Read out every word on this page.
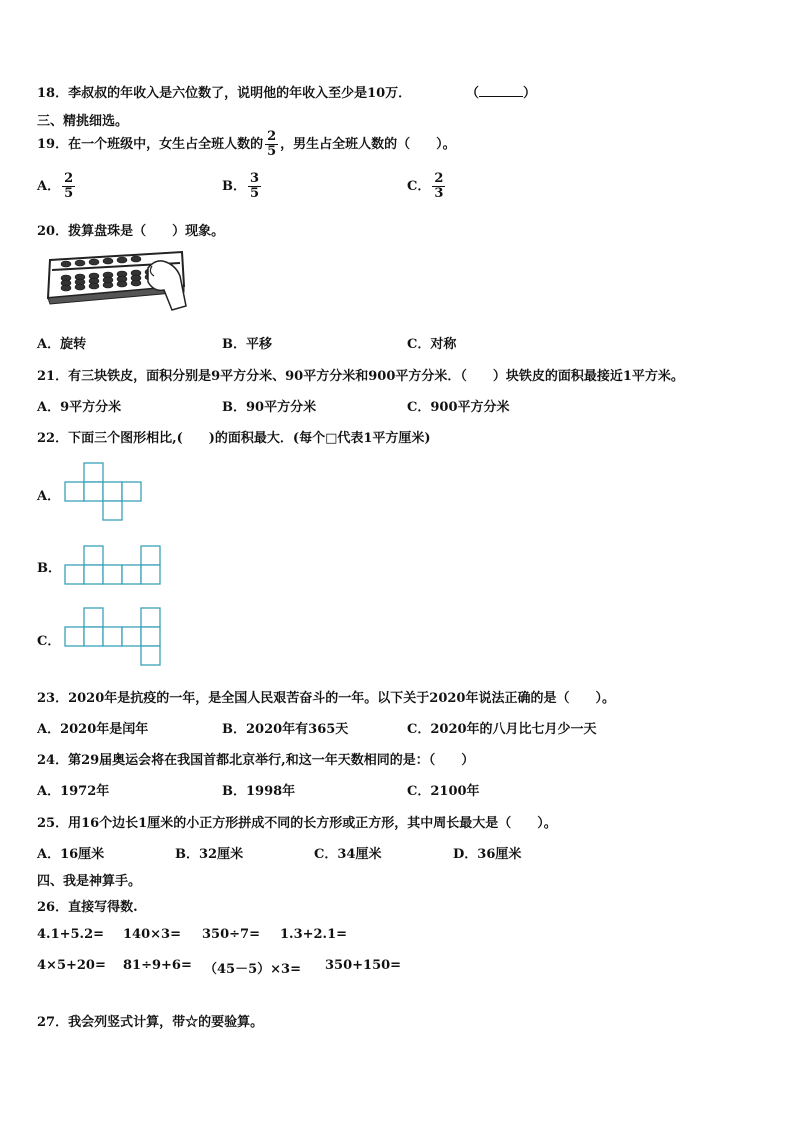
18．李叔叔的年收入是六位数了，说明他的年收入至少是10万．	（	）
三、精挑细选。
19．在一个班级中，女生占全班人数的 $\frac{2}{5}$ ，男生占全班人数的（　　）。
A． $\frac{2}{5}$	B． $\frac{3}{5}$	C． $\frac{2}{3}$
20．拨算盘珠是（　　）现象。
A．旋转	B．平移	C．对称
21．有三块铁皮，面积分别是9平方分米、90平方分米和900平方分米．（　　）块铁皮的面积最接近1平方米。
A．9平方分米	B．90平方分米	C．900平方分米
22．下面三个图形相比,(　　)的面积最大．(每个□代表1平方厘米)
A．
B．
C．
23．2020年是抗疫的一年，是全国人民艰苦奋斗的一年。以下关于2020年说法正确的是（　　）。
A．2020年是闰年	B．2020年有365天	C．2020年的八月比七月少一天
24．第29届奥运会将在我国首都北京举行,和这一年天数相同的是：（　　）
A．1972年	B．1998年	C．2100年
25．用16个边长1厘米的小正方形拼成不同的长方形或正方形，其中周长最大是（　　）。
A．16厘米	B．32厘米	C．34厘米	D．36厘米
四、我是神算手。
26．直接写得数.
4.1+5.2= 140×3= 350÷7= 1.3+2.1=
4×5+20= 81÷9+6= （45－5）×3= 350+150=
27．我会列竖式计算，带☆的要验算。
